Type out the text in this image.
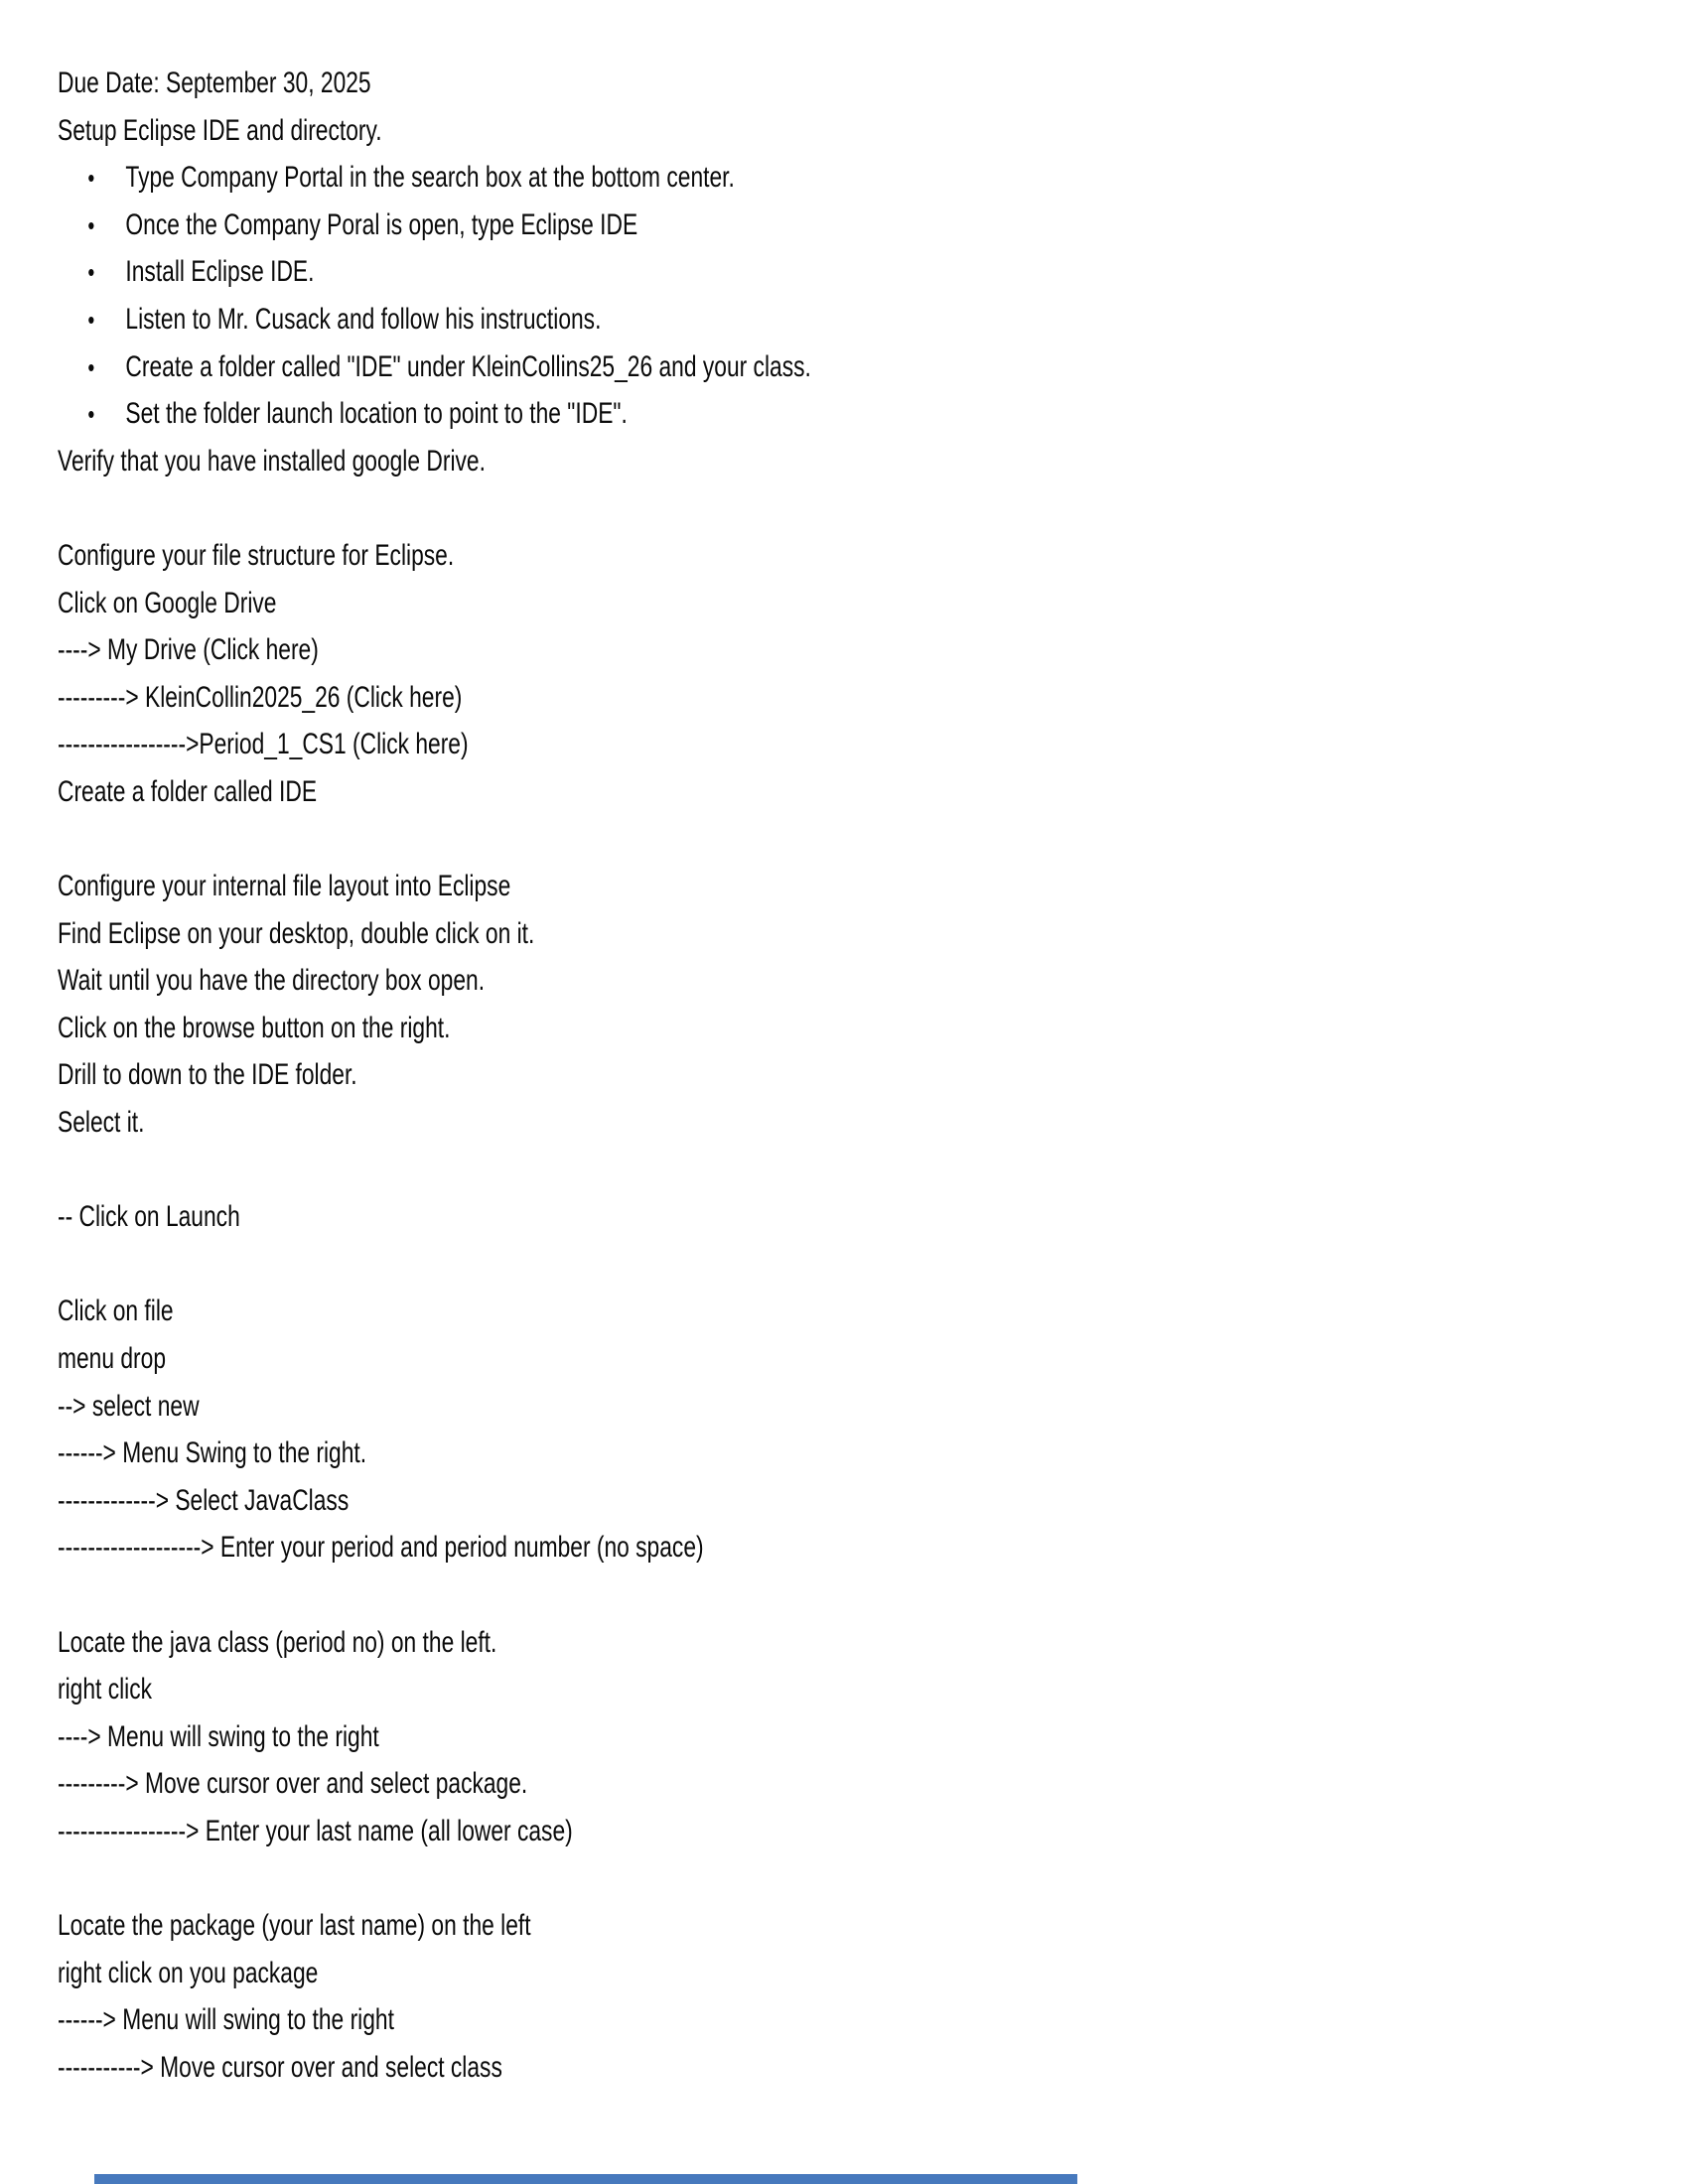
Due Date: September 30, 2025
Setup Eclipse IDE and directory.
• Type Company Portal in the search box at the bottom center.
• Once the Company Poral is open, type Eclipse IDE
• Install Eclipse IDE.
• Listen to Mr. Cusack and follow his instructions.
• Create a folder called "IDE" under KleinCollins25_26 and your class.
• Set the folder launch location to point to the "IDE".
Verify that you have installed google Drive.
Configure your file structure for Eclipse.
Click on Google Drive
----> My Drive (Click here)
---------> KleinCollin2025_26 (Click here)
----------------->Period_1_CS1 (Click here)
Create a folder called IDE
Configure your internal file layout into Eclipse
Find Eclipse on your desktop, double click on it.
Wait until you have the directory box open.
Click on the browse button on the right.
Drill to down to the IDE folder.
Select it.
-- Click on Launch
Click on file
menu drop
--> select new
------> Menu Swing to the right.
-------------> Select JavaClass
-------------------> Enter your period and period number (no space)
Locate the java class (period no) on the left.
right click
----> Menu will swing to the right
---------> Move cursor over and select package.
-----------------> Enter your last name (all lower case)
Locate the package (your last name) on the left
right click on you package
------> Menu will swing to the right
-----------> Move cursor over and select class
